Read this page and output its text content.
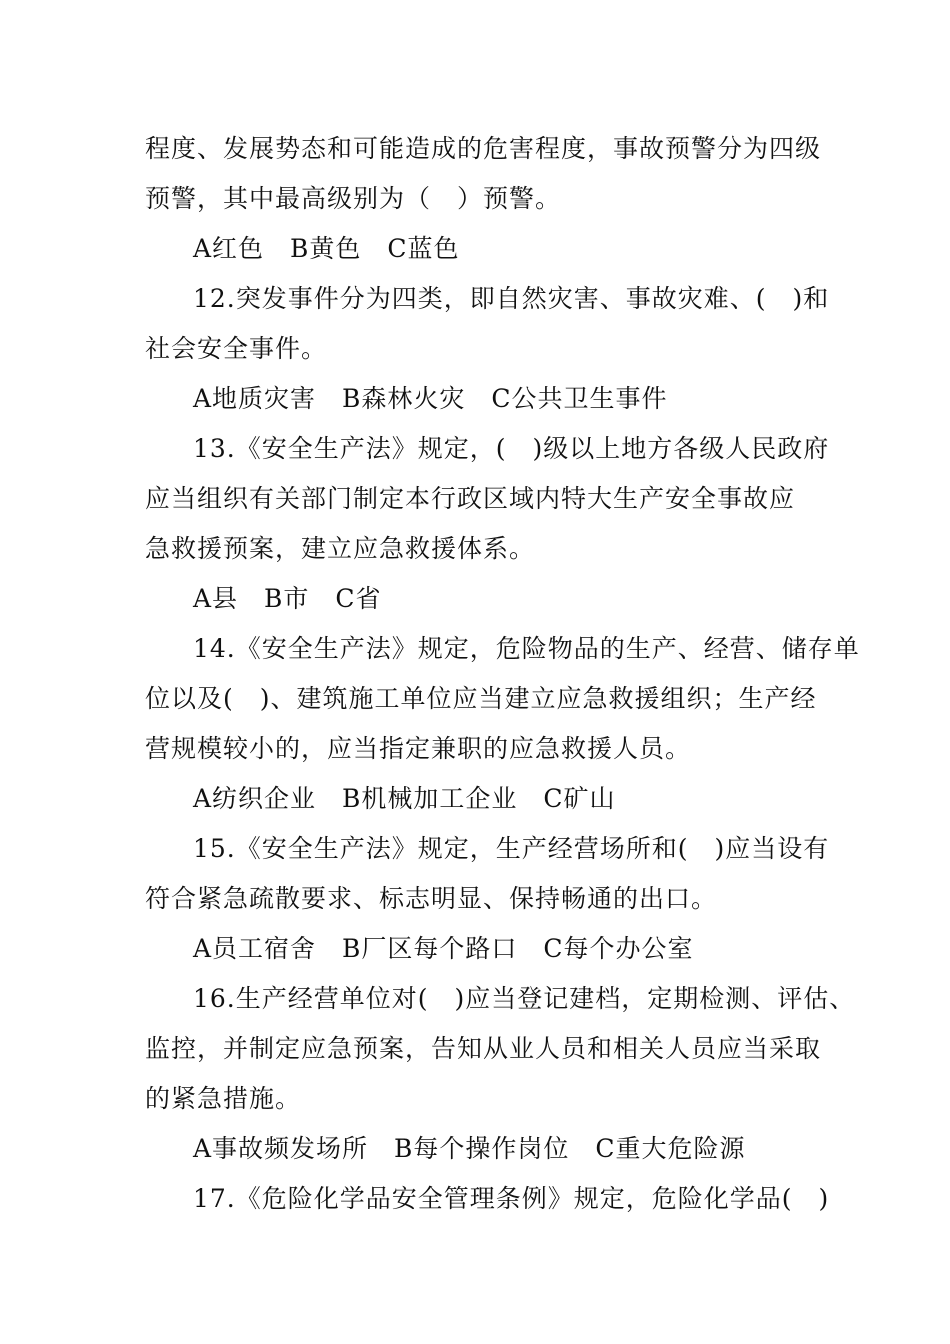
程度、发展势态和可能造成的危害程度，事故预警分为四级
预警，其中最高级别为（　）预警。
A红色　B黄色　C蓝色
12.突发事件分为四类，即自然灾害、事故灾难、(　)和
社会安全事件。
A地质灾害　B森林火灾　C公共卫生事件
13.《安全生产法》规定，(　)级以上地方各级人民政府
应当组织有关部门制定本行政区域内特大生产安全事故应
急救援预案，建立应急救援体系。
A县　B市　C省
14.《安全生产法》规定，危险物品的生产、经营、储存单
位以及(　)、建筑施工单位应当建立应急救援组织；生产经
营规模较小的，应当指定兼职的应急救援人员。
A纺织企业　B机械加工企业　C矿山
15.《安全生产法》规定，生产经营场所和(　)应当设有
符合紧急疏散要求、标志明显、保持畅通的出口。
A员工宿舍　B厂区每个路口　C每个办公室
16.生产经营单位对(　)应当登记建档，定期检测、评估、
监控，并制定应急预案，告知从业人员和相关人员应当采取
的紧急措施。
A事故频发场所　B每个操作岗位　C重大危险源
17.《危险化学品安全管理条例》规定，危险化学品(　)
